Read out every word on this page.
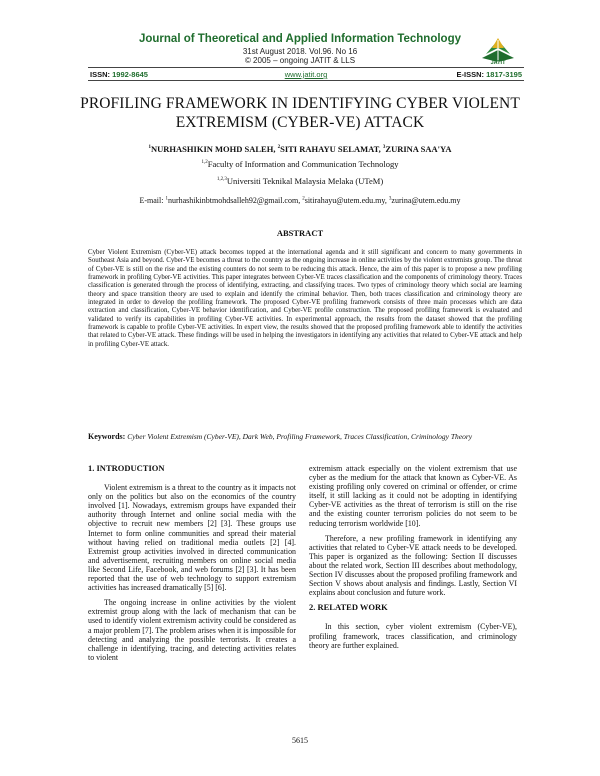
Journal of Theoretical and Applied Information Technology
31st August 2018. Vol.96. No 16
© 2005 – ongoing JATIT & LLS	JATIT
ISSN: 1992-8645	www.jatit.org	E-ISSN: 1817-3195
PROFILING FRAMEWORK IN IDENTIFYING CYBER VIOLENT EXTREMISM (CYBER-VE) ATTACK
$^1$NURHASHIKIN MOHD SALEH, $^2$SITI RAHAYU SELAMAT, $^3$ZURINA SAA'YA
$^{1,2}$Faculty of Information and Communication Technology
$^{1,2,3}$Universiti Teknikal Malaysia Melaka (UTeM)
E-mail: $^1$nurhashikinbtmohdsalleh92@gmail.com, $^2$sitirahayu@utem.edu.my, $^3$zurina@utem.edu.my
ABSTRACT

Cyber Violent Extremism (Cyber-VE) attack becomes topped at the international agenda and it still significant and concern to many governments in Southeast Asia and beyond. Cyber-VE becomes a threat to the country as the ongoing increase in online activities by the violent extremists group. The threat of Cyber-VE is still on the rise and the existing counters do not seem to be reducing this attack. Hence, the aim of this paper is to propose a new profiling framework in profiling Cyber-VE activities. This paper integrates between Cyber-VE traces classification and the components of criminology theory. Traces classification is generated through the process of identifying, extracting, and classifying traces. Two types of criminology theory which social are learning theory and space transition theory are used to explain and identify the criminal behavior. Then, both traces classification and criminology theory are integrated in order to develop the profiling framework. The proposed Cyber-VE profiling framework consists of three main processes which are data extraction and classification, Cyber-VE behavior identification, and Cyber-VE profile construction. The proposed profiling framework is evaluated and validated to verify its capabilities in profiling Cyber-VE activities. In experimental approach, the results from the dataset showed that the profiling framework is capable to profile Cyber-VE activities. In expert view, the results showed that the proposed profiling framework able to identify the activities that related to Cyber-VE attack. These findings will be used in helping the investigators in identifying any activities that related to Cyber-VE attack and help in profiling Cyber-VE attack.

Keywords: Cyber Violent Extremism (Cyber-VE), Dark Web, Profiling Framework, Traces Classification, Criminology Theory
1. INTRODUCTION

Violent extremism is a threat to the country as it impacts not only on the politics but also on the economics of the country involved [1]. Nowadays, extremism groups have expanded their authority through Internet and online social media with the objective to recruit new members [2] [3]. These groups use Internet to form online communities and spread their material without having relied on traditional media outlets [2] [4]. Extremist group activities involved in directed communication and advertisement, recruiting members on online social media like Second Life, Facebook, and web forums [2] [3]. It has been reported that the use of web technology to support extremism activities has increased dramatically [5] [6].

The ongoing increase in online activities by the violent extremist group along with the lack of mechanism that can be used to identify violent extremism activity could be considered as a major problem [7]. The problem arises when it is impossible for detecting and analyzing the possible terrorists. It creates a challenge in identifying, tracing, and detecting activities relates to violent

extremism attack especially on the violent extremism that use cyber as the medium for the attack that known as Cyber-VE. As existing profiling only covered on criminal or offender, or crime itself, it still lacking as it could not be adopting in identifying Cyber-VE activities as the threat of terrorism is still on the rise and the existing counter terrorism policies do not seem to be reducing terrorism worldwide [10].

Therefore, a new profiling framework in identifying any activities that related to Cyber-VE attack needs to be developed. This paper is organized as the following: Section II discusses about the related work, Section III describes about methodology, Section IV discusses about the proposed profiling framework and Section V shows about analysis and findings. Lastly, Section VI explains about conclusion and future work.

2. RELATED WORK

In this section, cyber violent extremism (Cyber-VE), profiling framework, traces classification, and criminology theory are further explained.

5615
